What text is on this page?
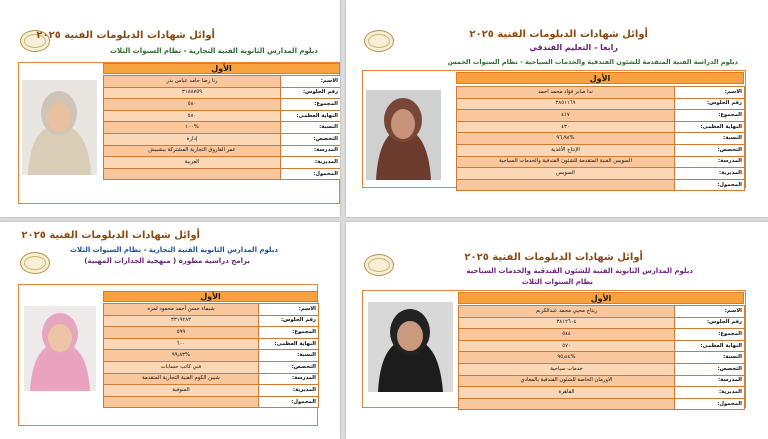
أوائل شهادات الدبلومات الفنية ٢٠٢٥
دبلوم المدارس الثانوية الفنية التجارية - نظام السنوات الثلاث
الأول
الاسم:	رنا رضا حامد عباس بدر
رقم الجلوس:	٣١٨٨٧٥٩
المجموع:	٥٨٠
النهاية العظمى:	٥٨٠
النسبة:	%١٠٠
التخصص:	إدارة
المدرسة:	عمر الفاروق التجارية المشتركة ببشبيش
المديرية:	الغربية
المحمول:	
أوائل شهادات الدبلومات الفنية ٢٠٢٥
رابعا - التعليم الفندقي
دبلوم الدراسة الفنية المتقدمة للشئون الفندقية والخدمات السياحية - نظام السنوات الخمس
الأول
الاسم:	ندا صابر فؤاد محمد احمد
رقم الجلوس:	٣٨٥١١٦٩
المجموع:	٤١٧
النهاية العظمى:	٤٣٠
النسبة:	%٩٦٫٩٨
التخصص:	الإنتاج الأغذية
المدرسة:	السويس الفنية المتقدمة للشئون الفندقية والخدمات السياحية
المديرية:	السويس
المحمول:	
أوائل شهادات الدبلومات الفنية ٢٠٢٥
دبلوم المدارس الثانوية الفنية التجارية - نظام السنوات الثلاث
برامج دراسية مطورة ( منهجية الجدارات المهنية)
الأول
الاسم:	شيماء حسن أحمد محمود لمزه
رقم الجلوس:	٣٣١٩٢٨٣
المجموع:	٥٩٩
النهاية العظمى:	٦٠٠
النسبة:	%٩٩٫٨٣
التخصص:	فني كاتب حسابات
المدرسة:	شبين الكوم الفنية التجارية المتقدمة
المديرية:	المنوفية
المحمول:	
أوائل شهادات الدبلومات الفنية ٢٠٢٥
دبلوم المدارس الثانوية الفنية للشئون الفندقية والخدمات السياحية
نظام السنوات الثلاث
الأول
الاسم:	ريتاج محيي محمد عبدالكريم
رقم الجلوس:	٣٨١٢٦٠٤
المجموع:	٥٤٤
النهاية العظمى:	٥٧٠
النسبة:	%٩٥٫٤٤
التخصص:	خدمات سياحية
المدرسة:	الاورمان الخاصة للشئون الفندقية بالمعادي
المديرية:	القاهرة
المحمول:	
